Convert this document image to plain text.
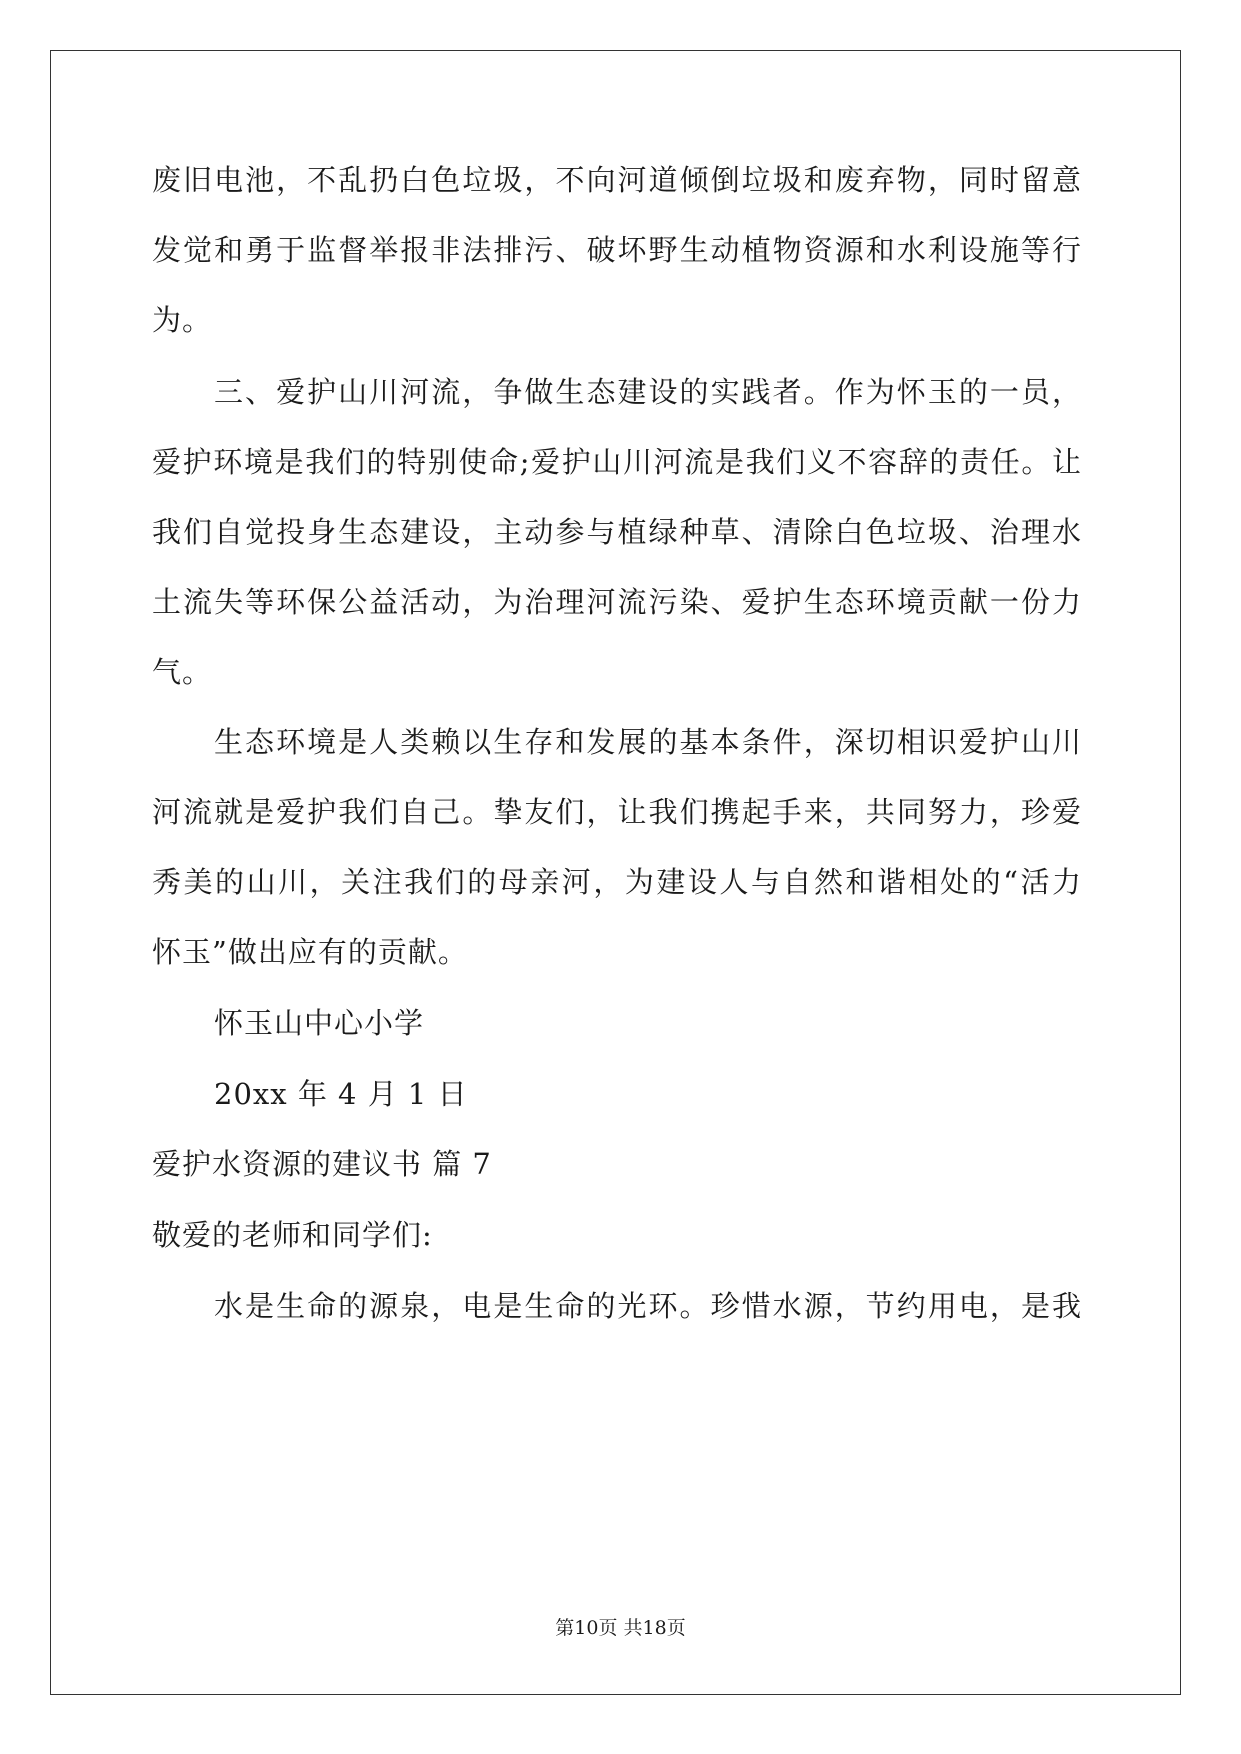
废旧电池，不乱扔白色垃圾，不向河道倾倒垃圾和废弃物，同时留意
发觉和勇于监督举报非法排污、破坏野生动植物资源和水利设施等行
为。
三、爱护山川河流，争做生态建设的实践者。作为怀玉的一员，
爱护环境是我们的特别使命;爱护山川河流是我们义不容辞的责任。让
我们自觉投身生态建设，主动参与植绿种草、清除白色垃圾、治理水
土流失等环保公益活动，为治理河流污染、爱护生态环境贡献一份力
气。
生态环境是人类赖以生存和发展的基本条件，深切相识爱护山川
河流就是爱护我们自己。挚友们，让我们携起手来，共同努力，珍爱
秀美的山川，关注我们的母亲河，为建设人与自然和谐相处的“活力
怀玉”做出应有的贡献。
怀玉山中心小学
20xx 年 4 月 1 日
爱护水资源的建议书 篇 7
敬爱的老师和同学们:
水是生命的源泉，电是生命的光环。珍惜水源，节约用电，是我
第10页 共18页
